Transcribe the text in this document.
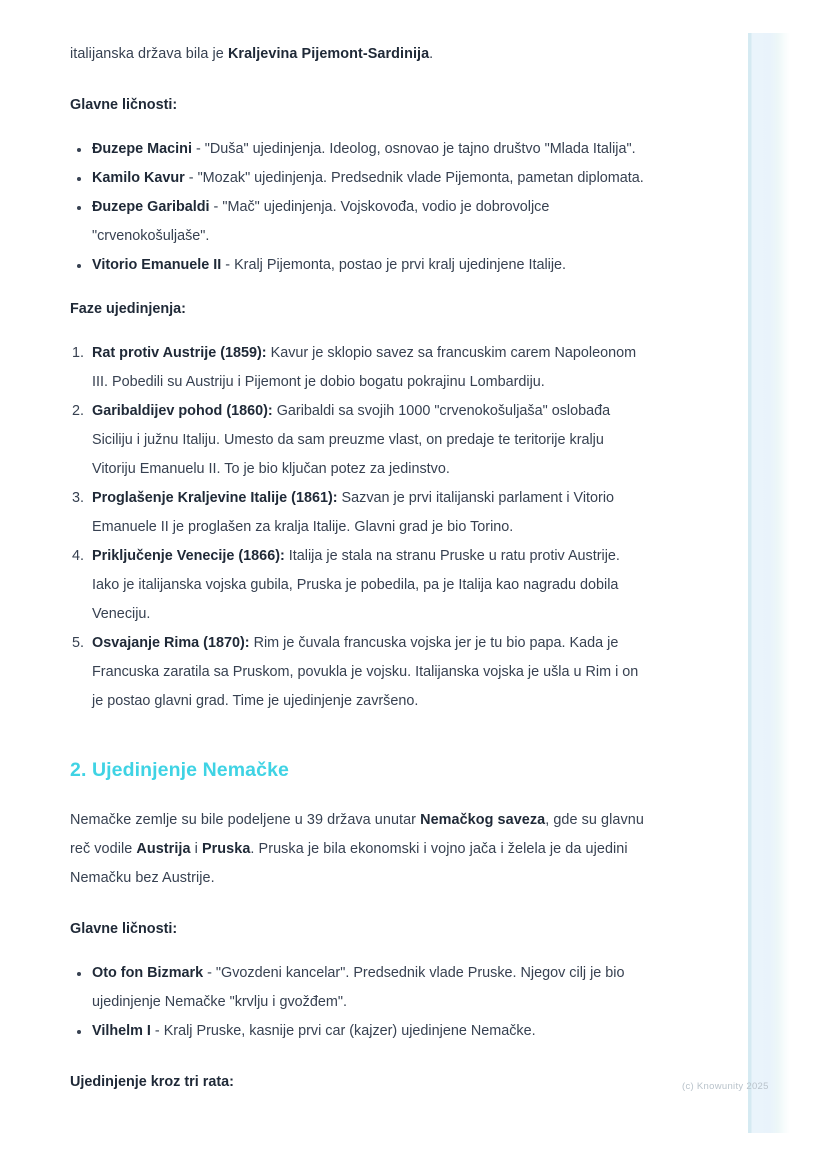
italijanska država bila je Kraljevina Pijemont-Sardinija.

Glavne ličnosti:

Đuzepe Macini - "Duša" ujedinjenja. Ideolog, osnovao je tajno društvo "Mlada Italija".
Kamilo Kavur - "Mozak" ujedinjenja. Predsednik vlade Pijemonta, pametan diplomata.
Đuzepe Garibaldi - "Mač" ujedinjenja. Vojskovođa, vodio je dobrovoljce "crvenokošuljaše".
Vitorio Emanuele II - Kralj Pijemonta, postao je prvi kralj ujedinjene Italije.

Faze ujedinjenja:

Rat protiv Austrije (1859): Kavur je sklopio savez sa francuskim carem Napoleonom III. Pobedili su Austriju i Pijemont je dobio bogatu pokrajinu Lombardiju.
Garibaldijev pohod (1860): Garibaldi sa svojih 1000 "crvenokošuljaša" oslobađa Siciliju i južnu Italiju. Umesto da sam preuzme vlast, on predaje te teritorije kralju Vitoriju Emanuelu II. To je bio ključan potez za jedinstvo.
Proglašenje Kraljevine Italije (1861): Sazvan je prvi italijanski parlament i Vitorio Emanuele II je proglašen za kralja Italije. Glavni grad je bio Torino.
Priključenje Venecije (1866): Italija je stala na stranu Pruske u ratu protiv Austrije. Iako je italijanska vojska gubila, Pruska je pobedila, pa je Italija kao nagradu dobila Veneciju.
Osvajanje Rima (1870): Rim je čuvala francuska vojska jer je tu bio papa. Kada je Francuska zaratila sa Pruskom, povukla je vojsku. Italijanska vojska je ušla u Rim i on je postao glavni grad. Time je ujedinjenje završeno.
2. Ujedinjenje Nemačke

Nemačke zemlje su bile podeljene u 39 država unutar Nemačkog saveza, gde su glavnu reč vodile Austrija i Pruska. Pruska je bila ekonomski i vojno jača i želela je da ujedini Nemačku bez Austrije.

Glavne ličnosti:

Oto fon Bizmark - "Gvozdeni kancelar". Predsednik vlade Pruske. Njegov cilj je bio ujedinjenje Nemačke "krvlju i gvožđem".
Vilhelm I - Kralj Pruske, kasnije prvi car (kajzer) ujedinjene Nemačke.

Ujedinjenje kroz tri rata:	(c) Knowunity 2025
